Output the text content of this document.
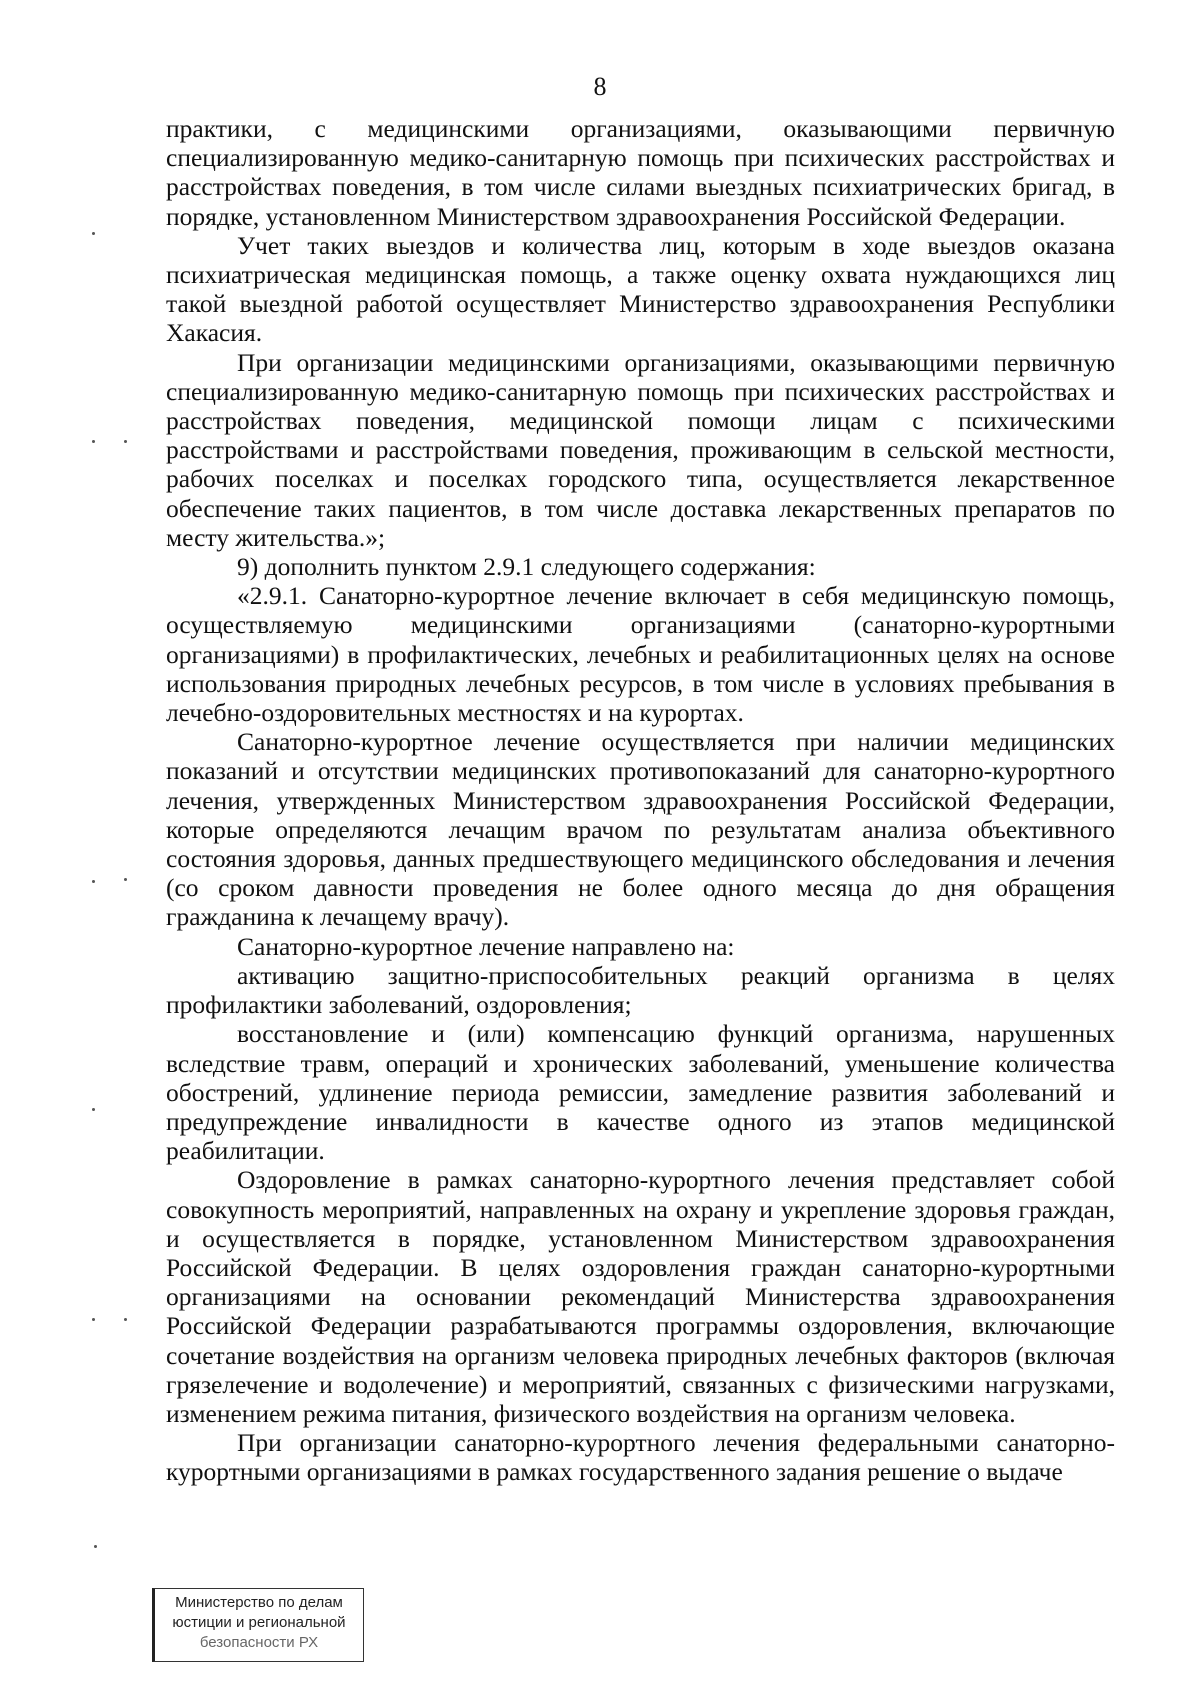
8

практики, с медицинскими организациями, оказывающими первичную специализированную медико-санитарную помощь при психических расстройствах и расстройствах поведения, в том числе силами выездных психиатрических бригад, в порядке, установленном Министерством здравоохранения Российской Федерации.

Учет таких выездов и количества лиц, которым в ходе выездов оказана психиатрическая медицинская помощь, а также оценку охвата нуждающихся лиц такой выездной работой осуществляет Министерство здравоохранения Республики Хакасия.

При организации медицинскими организациями, оказывающими первичную специализированную медико-санитарную помощь при психических расстройствах и расстройствах поведения, медицинской помощи лицам с психическими расстройствами и расстройствами поведения, проживающим в сельской местности, рабочих поселках и поселках городского типа, осуществляется лекарственное обеспечение таких пациентов, в том числе доставка лекарственных препаратов по месту жительства.»;

9) дополнить пунктом 2.9.1 следующего содержания:

«2.9.1. Санаторно-курортное лечение включает в себя медицинскую помощь, осуществляемую медицинскими организациями (санаторно-курортными организациями) в профилактических, лечебных и реабилитационных целях на основе использования природных лечебных ресурсов, в том числе в условиях пребывания в лечебно-оздоровительных местностях и на курортах.

Санаторно-курортное лечение осуществляется при наличии медицинских показаний и отсутствии медицинских противопоказаний для санаторно-курортного лечения, утвержденных Министерством здравоохранения Российской Федерации, которые определяются лечащим врачом по результатам анализа объективного состояния здоровья, данных предшествующего медицинского обследования и лечения (со сроком давности проведения не более одного месяца до дня обращения гражданина к лечащему врачу).

Санаторно-курортное лечение направлено на:

активацию защитно-приспособительных реакций организма в целях профилактики заболеваний, оздоровления;

восстановление и (или) компенсацию функций организма, нарушенных вследствие травм, операций и хронических заболеваний, уменьшение количества обострений, удлинение периода ремиссии, замедление развития заболеваний и предупреждение инвалидности в качестве одного из этапов медицинской реабилитации.

Оздоровление в рамках санаторно-курортного лечения представляет собой совокупность мероприятий, направленных на охрану и укрепление здоровья граждан, и осуществляется в порядке, установленном Министерством здравоохранения Российской Федерации. В целях оздоровления граждан санаторно-курортными организациями на основании рекомендаций Министерства здравоохранения Российской Федерации разрабатываются программы оздоровления, включающие сочетание воздействия на организм человека природных лечебных факторов (включая грязелечение и водолечение) и мероприятий, связанных с физическими нагрузками, изменением режима питания, физического воздействия на организм человека.

При организации санаторно-курортного лечения федеральными санаторно-курортными организациями в рамках государственного задания решение о выдаче

Министерство по делам
юстиции и региональной
безопасности РХ
